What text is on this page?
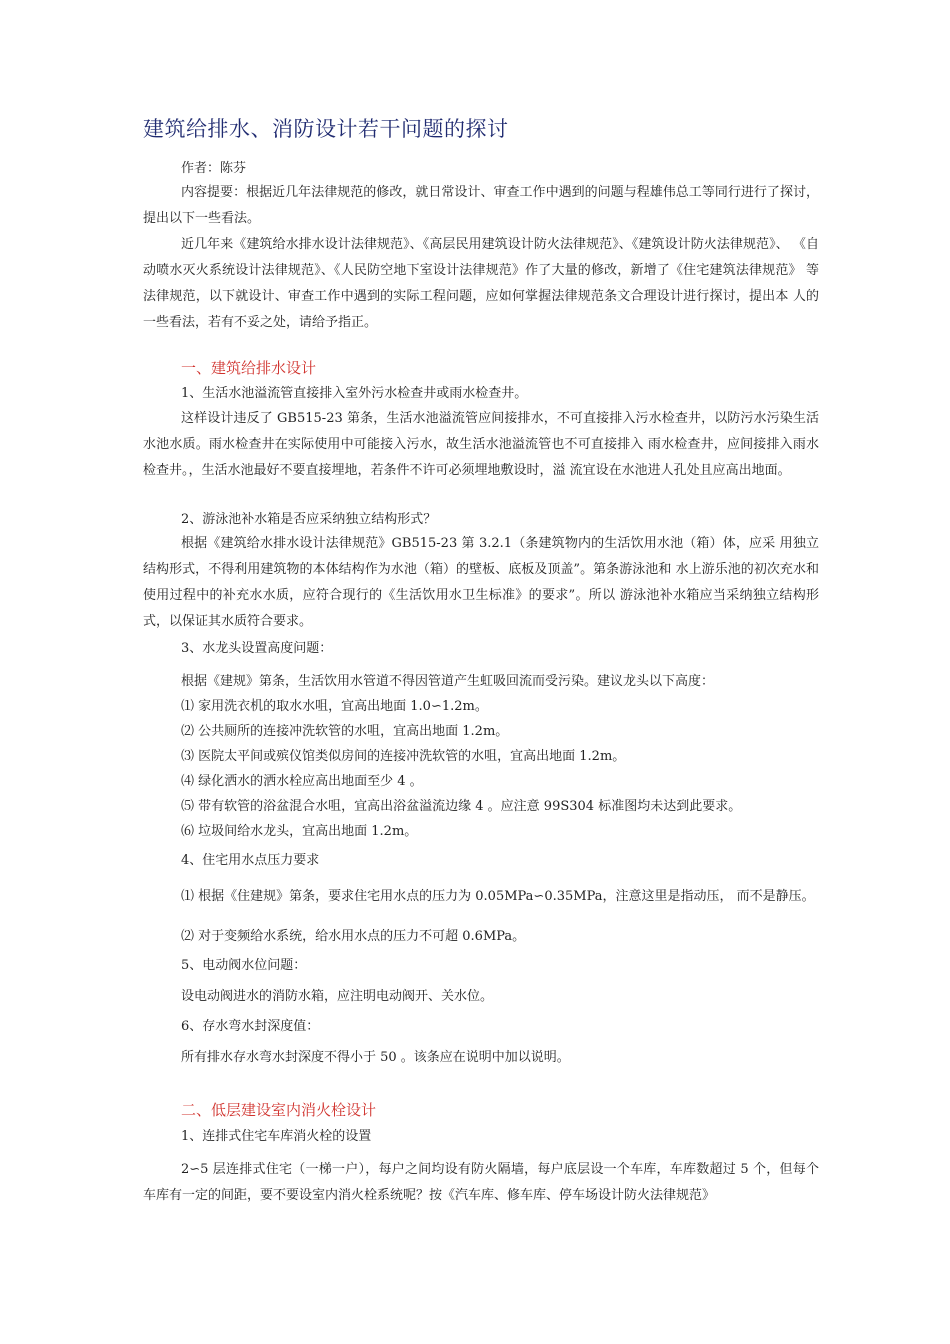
建筑给排水、消防设计若干问题的探讨
作者：陈芬
内容提要：根据近几年法律规范的修改，就日常设计、审查工作中遇到的问题与程雄伟总工等同行进行了探讨，提出以下一些看法。
近几年来《建筑给水排水设计法律规范》、《高层民用建筑设计防火法律规范》、《建筑设计防火法律规范》、 《自动喷水灭火系统设计法律规范》、《人民防空地下室设计法律规范》作了大量的修改，新增了《住宅建筑法律规范》 等法律规范，以下就设计、审查工作中遇到的实际工程问题，应如何掌握法律规范条文合理设计进行探讨，提出本 人的一些看法，若有不妥之处，请给予指正。
一、建筑给排水设计
1、生活水池溢流管直接排入室外污水检查井或雨水检查井。
这样设计违反了 GB515-23 第条，生活水池溢流管应间接排水，不可直接排入污水检查井，以防污水污染生活水池水质。雨水检查井在实际使用中可能接入污水，故生活水池溢流管也不可直接排入 雨水检查井，应间接排入雨水检查井。，生活水池最好不要直接埋地，若条件不许可必须埋地敷设时，溢 流宜设在水池进人孔处且应高出地面。
2、游泳池补水箱是否应采纳独立结构形式？
根据《建筑给水排水设计法律规范》GB515-23 第 3.2.1（条建筑物内的生活饮用水池（箱）体，应采 用独立结构形式，不得利用建筑物的本体结构作为水池（箱）的壁板、底板及顶盖”。第条游泳池和 水上游乐池的初次充水和使用过程中的补充水水质，应符合现行的《生活饮用水卫生标准》的要求”。所以 游泳池补水箱应当采纳独立结构形式，以保证其水质符合要求。
3、水龙头设置高度问题：
根据《建规》第条，生活饮用水管道不得因管道产生虹吸回流而受污染。建议龙头以下高度：
⑴ 家用洗衣机的取水水咀，宜高出地面 1.0∽1.2m。
⑵ 公共厕所的连接冲洗软管的水咀，宜高出地面 1.2m。
⑶ 医院太平间或殡仪馆类似房间的连接冲洗软管的水咀，宜高出地面 1.2m。
⑷ 绿化洒水的洒水栓应高出地面至少 4 。
⑸ 带有软管的浴盆混合水咀，宜高出浴盆溢流边缘 4 。应注意 99S304 标准图均未达到此要求。
⑹ 垃圾间给水龙头，宜高出地面 1.2m。
4、住宅用水点压力要求
⑴ 根据《住建规》第条，要求住宅用水点的压力为 0.05MPa∽0.35MPa，注意这里是指动压， 而不是静压。
⑵ 对于变频给水系统，给水用水点的压力不可超 0.6MPa。
5、电动阀水位问题：
设电动阀进水的消防水箱，应注明电动阀开、关水位。
6、存水弯水封深度值：
所有排水存水弯水封深度不得小于 50 。该条应在说明中加以说明。
二、低层建设室内消火栓设计
1、连排式住宅车库消火栓的设置
2∽5 层连排式住宅（一梯一户），每户之间均设有防火隔墙，每户底层设一个车库，车库数超过 5 个，但每个车库有一定的间距，要不要设室内消火栓系统呢？按《汽车库、修车库、停车场设计防火法律规范》
